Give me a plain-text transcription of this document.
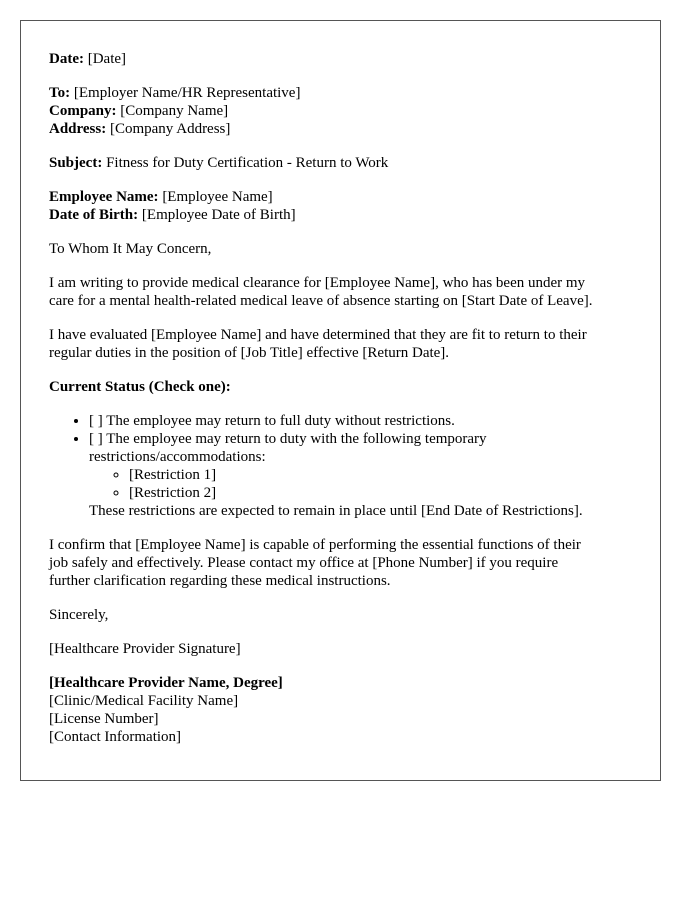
Date: [Date]
To: [Employer Name/HR Representative]
Company: [Company Name]
Address: [Company Address]
Subject: Fitness for Duty Certification - Return to Work
Employee Name: [Employee Name]
Date of Birth: [Employee Date of Birth]
To Whom It May Concern,
I am writing to provide medical clearance for [Employee Name], who has been under my
care for a mental health-related medical leave of absence starting on [Start Date of Leave].
I have evaluated [Employee Name] and have determined that they are fit to return to their
regular duties in the position of [Job Title] effective [Return Date].
Current Status (Check one):
• [ ] The employee may return to full duty without restrictions.
• [ ] The employee may return to duty with the following temporary
restrictions/accommodations:
◦ [Restriction 1]
◦ [Restriction 2]
These restrictions are expected to remain in place until [End Date of Restrictions].
I confirm that [Employee Name] is capable of performing the essential functions of their
job safely and effectively. Please contact my office at [Phone Number] if you require
further clarification regarding these medical instructions.
Sincerely,
[Healthcare Provider Signature]
[Healthcare Provider Name, Degree]
[Clinic/Medical Facility Name]
[License Number]
[Contact Information]
